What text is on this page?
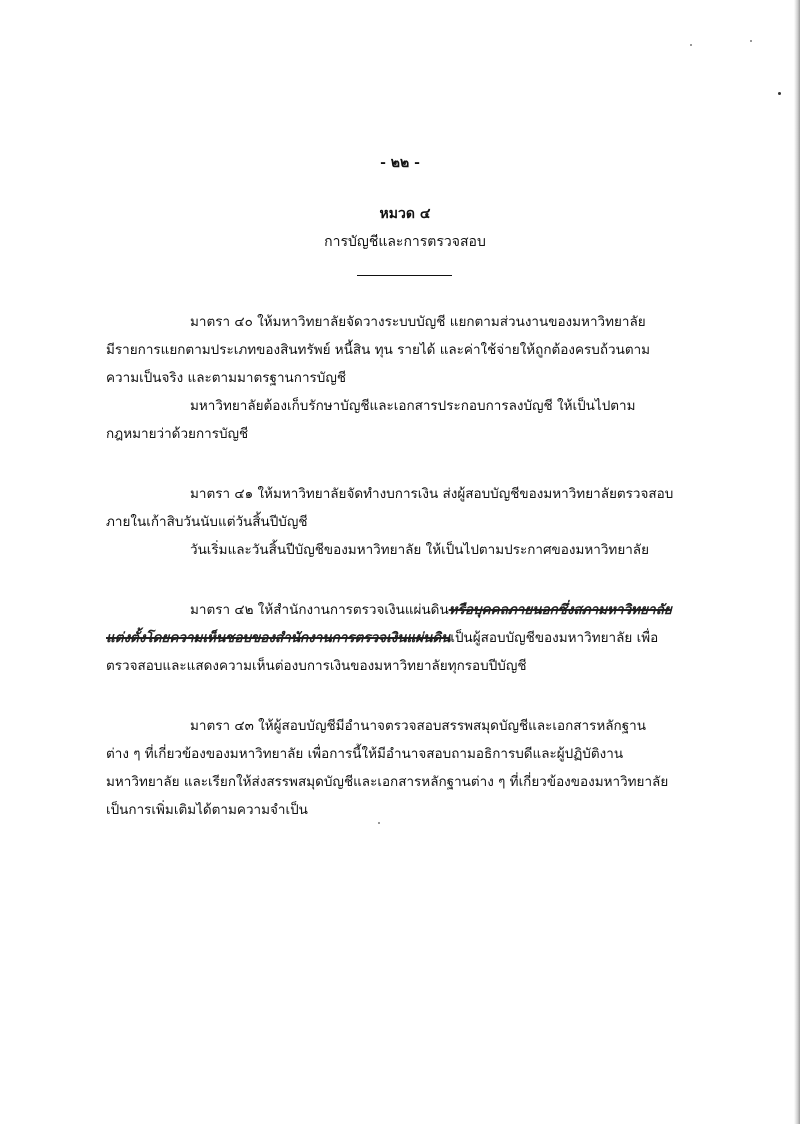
- ๒๒ -
หมวด ๔
การบัญชีและการตรวจสอบ
มาตรา ๔๐ ให้มหาวิทยาลัยจัดวางระบบบัญชี แยกตามส่วนงานของมหาวิทยาลัย
มีรายการแยกตามประเภทของสินทรัพย์ หนี้สิน ทุน รายได้ และค่าใช้จ่ายให้ถูกต้องครบถ้วนตาม
ความเป็นจริง และตามมาตรฐานการบัญชี
มหาวิทยาลัยต้องเก็บรักษาบัญชีและเอกสารประกอบการลงบัญชี ให้เป็นไปตาม
กฎหมายว่าด้วยการบัญชี
มาตรา ๔๑ ให้มหาวิทยาลัยจัดทำงบการเงิน ส่งผู้สอบบัญชีของมหาวิทยาลัยตรวจสอบ
ภายในเก้าสิบวันนับแต่วันสิ้นปีบัญชี
วันเริ่มและวันสิ้นปีบัญชีของมหาวิทยาลัย ให้เป็นไปตามประกาศของมหาวิทยาลัย
มาตรา ๔๒ ให้สำนักงานการตรวจเงินแผ่นดินหรือบุคคลภายนอกซึ่งสภามหาวิทยาลัย
แต่งตั้งโดยความเห็นชอบของสำนักงานการตรวจเงินแผ่นดินเป็นผู้สอบบัญชีของมหาวิทยาลัย เพื่อ
ตรวจสอบและแสดงความเห็นต่องบการเงินของมหาวิทยาลัยทุกรอบปีบัญชี
มาตรา ๔๓ ให้ผู้สอบบัญชีมีอำนาจตรวจสอบสรรพสมุดบัญชีและเอกสารหลักฐาน
ต่าง ๆ ที่เกี่ยวข้องของมหาวิทยาลัย เพื่อการนี้ให้มีอำนาจสอบถามอธิการบดีและผู้ปฏิบัติงาน
มหาวิทยาลัย และเรียกให้ส่งสรรพสมุดบัญชีและเอกสารหลักฐานต่าง ๆ ที่เกี่ยวข้องของมหาวิทยาลัย
เป็นการเพิ่มเติมได้ตามความจำเป็น
